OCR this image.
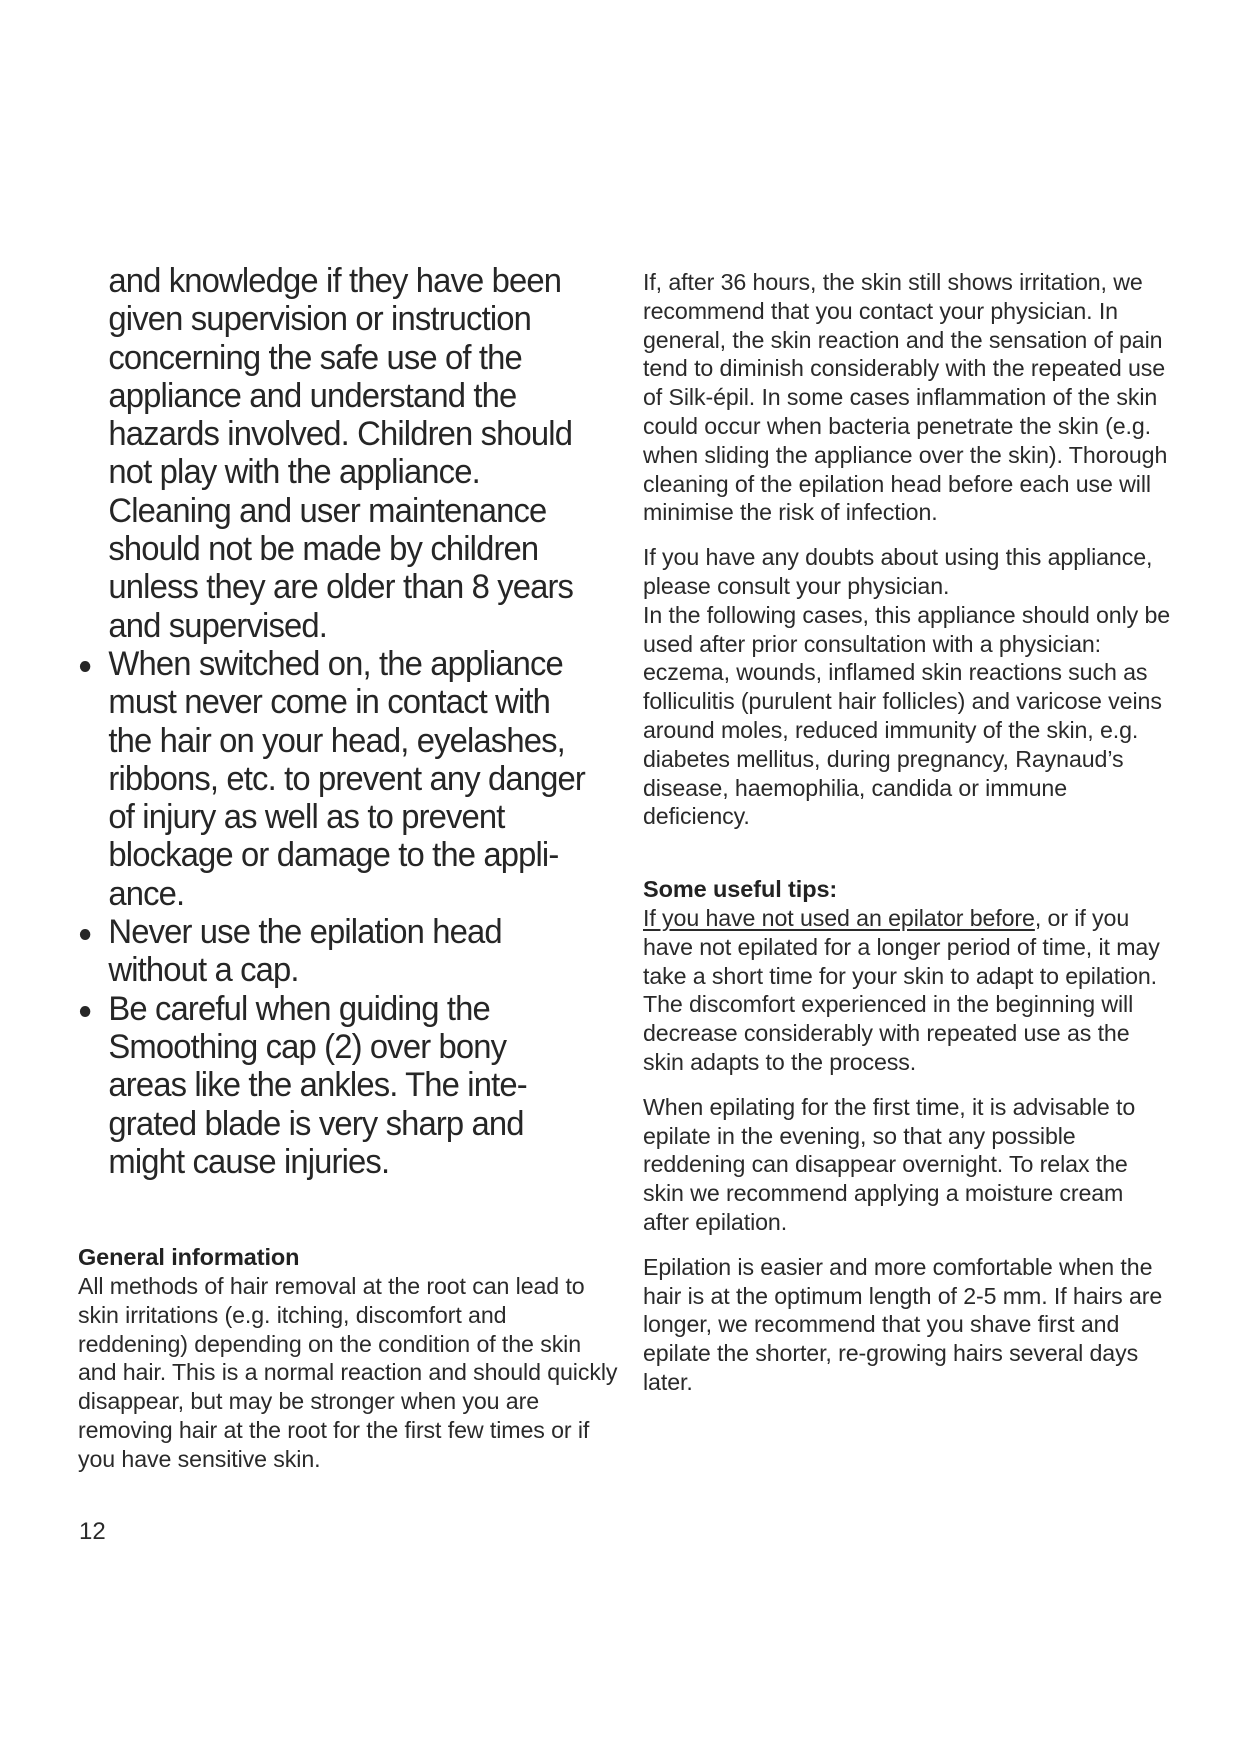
and knowledge if they have been given supervision or instruction concerning the safe use of the appliance and understand the hazards involved. Children should not play with the appliance. Cleaning and user maintenance should not be made by children unless they are older than 8 years and supervised.

When switched on, the appliance must never come in contact with the hair on your head, eyelashes, ribbons, etc. to prevent any danger of injury as well as to prevent blockage or damage to the appliance.
Never use the epilation head without a cap.
Be careful when guiding the Smoothing cap (2) over bony areas like the ankles. The integrated blade is very sharp and might cause injuries.
General information

All methods of hair removal at the root can lead to skin irritations (e.g. itching, discomfort and reddening) depending on the condition of the skin and hair. This is a normal reaction and should quickly disappear, but may be stronger when you are removing hair at the root for the first few times or if you have sensitive skin.

If, after 36 hours, the skin still shows irritation, we recommend that you contact your physician. In general, the skin reaction and the sensation of pain tend to diminish considerably with the repeated use of Silk-épil. In some cases inflammation of the skin could occur when bacteria penetrate the skin (e.g. when sliding the appliance over the skin). Thorough cleaning of the epilation head before each use will minimise the risk of infection.

If you have any doubts about using this appliance, please consult your physician.

In the following cases, this appliance should only be used after prior consultation with a physician:

eczema, wounds, inflamed skin reactions such as folliculitis (purulent hair follicles) and varicose veins around moles, reduced immunity of the skin, e.g. diabetes mellitus, during pregnancy, Raynaud’s disease, haemophilia, candida or immune deficiency.

Some useful tips:

If you have not used an epilator before, or if you have not epilated for a longer period of time, it may take a short time for your skin to adapt to epilation. The discomfort experienced in the beginning will decrease considerably with repeated use as the skin adapts to the process.

When epilating for the first time, it is advisable to epilate in the evening, so that any possible reddening can disappear overnight. To relax the skin we recommend applying a moisture cream after epilation.

Epilation is easier and more comfortable when the hair is at the optimum length of 2-5 mm. If hairs are longer, we recommend that you shave first and epilate the shorter, re-growing hairs several days later.

12
